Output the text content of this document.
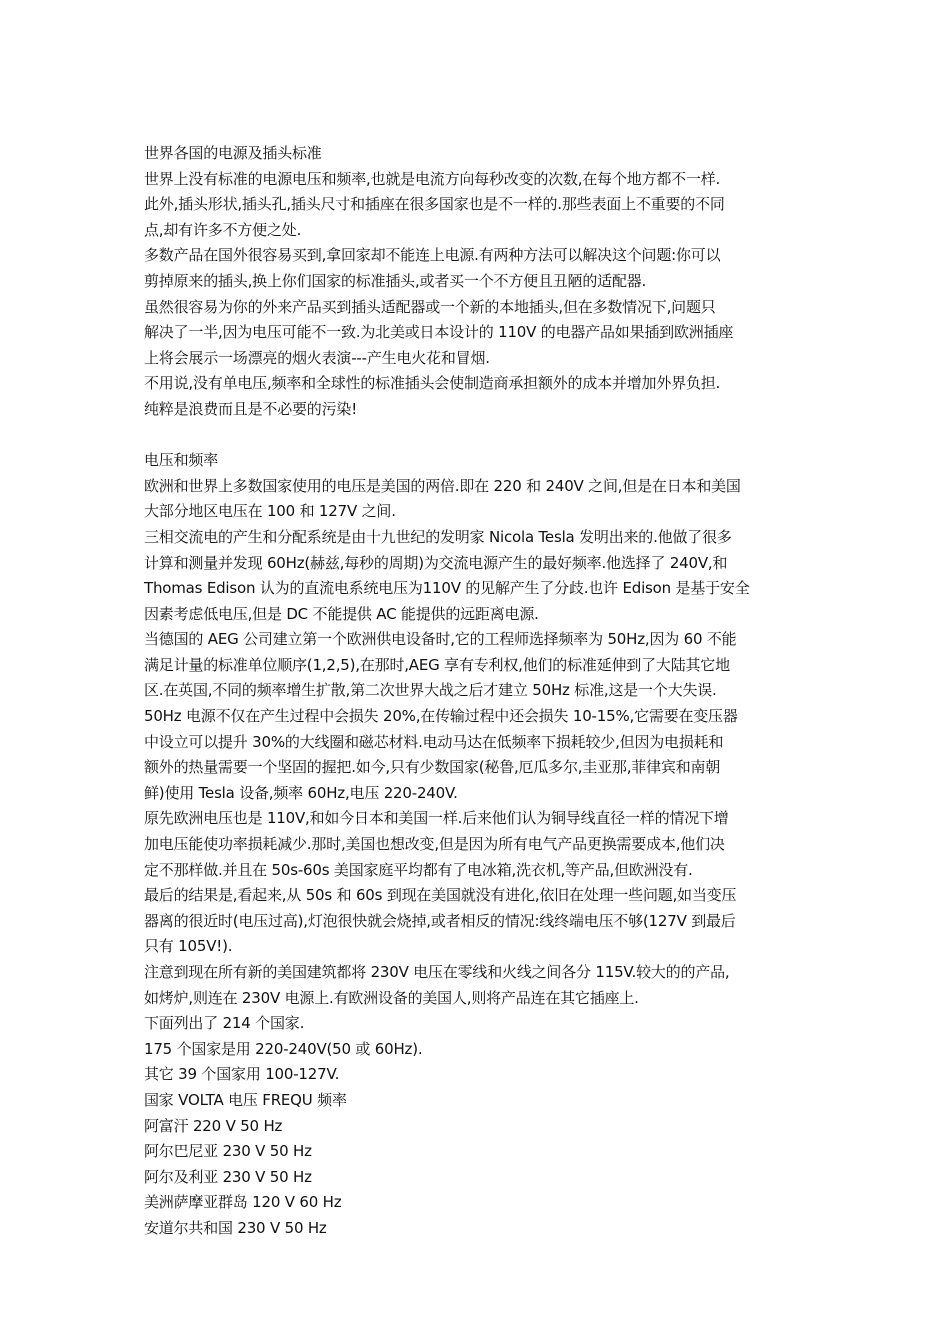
世界各国的电源及插头标准
世界上没有标准的电源电压和频率,也就是电流方向每秒改变的次数,在每个地方都不一样.
此外,插头形状,插头孔,插头尺寸和插座在很多国家也是不一样的.那些表面上不重要的不同
点,却有许多不方便之处.
多数产品在国外很容易买到,拿回家却不能连上电源.有两种方法可以解决这个问题:你可以
剪掉原来的插头,换上你们国家的标准插头,或者买一个不方便且丑陋的适配器.
虽然很容易为你的外来产品买到插头适配器或一个新的本地插头,但在多数情况下,问题只
解决了一半,因为电压可能不一致.为北美或日本设计的 110V 的电器产品如果插到欧洲插座
上将会展示一场漂亮的烟火表演---产生电火花和冒烟.
不用说,没有单电压,频率和全球性的标准插头会使制造商承担额外的成本并增加外界负担.
纯粹是浪费而且是不必要的污染!
电压和频率
欧洲和世界上多数国家使用的电压是美国的两倍.即在 220 和 240V 之间,但是在日本和美国
大部分地区电压在 100 和 127V 之间.
三相交流电的产生和分配系统是由十九世纪的发明家 Nicola Tesla 发明出来的.他做了很多
计算和测量并发现 60Hz(赫兹,每秒的周期)为交流电源产生的最好频率.他选择了 240V,和
Thomas Edison 认为的直流电系统电压为110V 的见解产生了分歧.也许 Edison 是基于安全
因素考虑低电压,但是 DC 不能提供 AC 能提供的远距离电源.
当德国的 AEG 公司建立第一个欧洲供电设备时,它的工程师选择频率为 50Hz,因为 60 不能
满足计量的标准单位顺序(1,2,5),在那时,AEG 享有专利权,他们的标准延伸到了大陆其它地
区.在英国,不同的频率增生扩散,第二次世界大战之后才建立 50Hz 标准,这是一个大失误.
50Hz 电源不仅在产生过程中会损失 20%,在传输过程中还会损失 10-15%,它需要在变压器
中设立可以提升 30%的大线圈和磁芯材料.电动马达在低频率下损耗较少,但因为电损耗和
额外的热量需要一个坚固的握把.如今,只有少数国家(秘鲁,厄瓜多尔,圭亚那,菲律宾和南朝
鲜)使用 Tesla 设备,频率 60Hz,电压 220-240V.
原先欧洲电压也是 110V,和如今日本和美国一样.后来他们认为铜导线直径一样的情况下增
加电压能使功率损耗减少.那时,美国也想改变,但是因为所有电气产品更换需要成本,他们决
定不那样做.并且在 50s-60s 美国家庭平均都有了电冰箱,洗衣机,等产品,但欧洲没有.
最后的结果是,看起来,从 50s 和 60s 到现在美国就没有进化,依旧在处理一些问题,如当变压
器离的很近时(电压过高),灯泡很快就会烧掉,或者相反的情况:线终端电压不够(127V 到最后
只有 105V!).
注意到现在所有新的美国建筑都将 230V 电压在零线和火线之间各分 115V.较大的的产品,
如烤炉,则连在 230V 电源上.有欧洲设备的美国人,则将产品连在其它插座上.
下面列出了 214 个国家.
175 个国家是用 220-240V(50 或 60Hz).
其它 39 个国家用 100-127V.
国家 VOLTA 电压 FREQU 频率
阿富汗 220 V 50 Hz
阿尔巴尼亚 230 V 50 Hz
阿尔及利亚 230 V 50 Hz
美洲萨摩亚群岛 120 V 60 Hz
安道尔共和国 230 V 50 Hz
